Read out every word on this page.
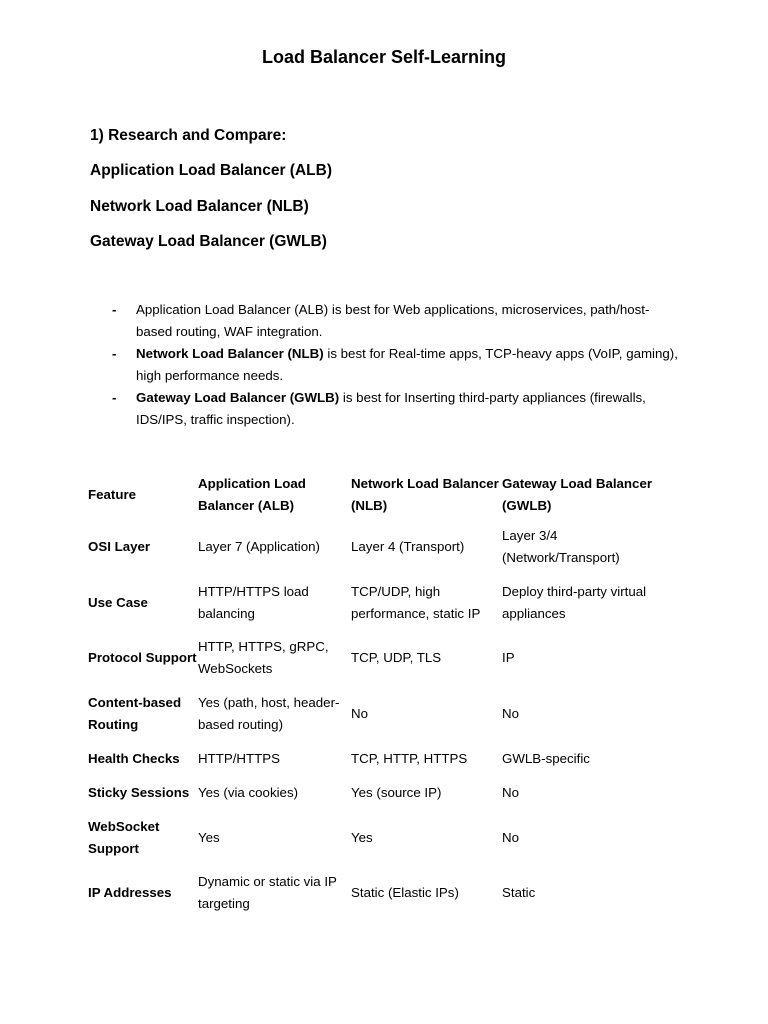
Load Balancer Self-Learning
1) Research and Compare:
Application Load Balancer (ALB)
Network Load Balancer (NLB)
Gateway Load Balancer (GWLB)
- Application Load Balancer (ALB) is best for Web applications, microservices, path/host-based routing, WAF integration.
- Network Load Balancer (NLB) is best for Real-time apps, TCP-heavy apps (VoIP, gaming), high performance needs.
- Gateway Load Balancer (GWLB) is best for Inserting third-party appliances (firewalls, IDS/IPS, traffic inspection).
Feature	Application Load Balancer (ALB)	Network Load Balancer (NLB)	Gateway Load Balancer (GWLB)
OSI Layer	Layer 7 (Application)	Layer 4 (Transport)	Layer 3/4 (Network/Transport)
Use Case	HTTP/HTTPS load balancing	TCP/UDP, high performance, static IP	Deploy third-party virtual appliances
Protocol Support	HTTP, HTTPS, gRPC, WebSockets	TCP, UDP, TLS	IP
Content-based Routing	Yes (path, host, header-based routing)	No	No
Health Checks	HTTP/HTTPS	TCP, HTTP, HTTPS	GWLB-specific
Sticky Sessions	Yes (via cookies)	Yes (source IP)	No
WebSocket Support	Yes	Yes	No
IP Addresses	Dynamic or static via IP targeting	Static (Elastic IPs)	Static
